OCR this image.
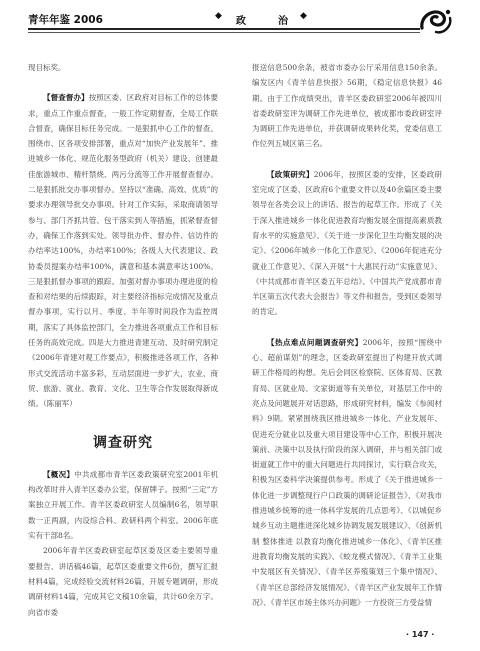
青年年鉴 2006	◆ 政	治 ◆

现目标奖。

【督查督办】按照区委、区政府对目标工作的总体要求，重点工作重点督查，一般工作定期督查，全局工作联合督查，确保目标任务完成。一是狠抓中心工作的督查。围绕市、区各项安排部署，重点对“加快产业发展年”、推进城乡一体化、规范化服务型政府（机关）建设、创建最佳旅游城市、精杆禁烧、两污分流等工作开展督查督办。二是狠抓批交办事项督办。坚持以“准确、高效、优质”的要求办理领导批交办事项。针对工作实际，采取商请领导参与、部门齐抓共管、包干落实到人等措施，抓紧督查督办，确保工作落到实处。领导批办件、督办件、信访件的办结率达100%，办结率100%；各级人大代表建议、政协委员提案办结率100%，满意和基本满意率达100%。三是狠抓督办事项的跟踪。加强对督办事项办理进度的检查和对结果的后续跟踪，对主要经济指标完成情况及重点督办事项，实行以月、季度、半年等时间段作为监控周期，落实了具体监控部门，全力推进各项重点工作和目标任务的高效完成。四是大力推进青建互动、及时研究制定《2006年青建对观工作要点》，积极推进各项工作，各种形式交流活动丰富多彩，互动层面进一步扩大，农业、商贸、旅游、就业、教育、文化、卫生等合作发展取得新成绩。（陈丽军）

调查研究

【概况】中共成都市青羊区委政策研究室2001年机构改革时并入青羊区委办公室，保留牌子。按照“三定”方案独立开展工作。青羊区委政研室人员编制6名，领导职数一正两副，内设综合科、政研科两个科室。2006年底实有干部8名。

2006年青羊区委政研室起草区委及区委主要领导重要报告、讲话稿46篇，起草区委重要文件6份，撰写汇报材料4篇，完成经验交流材料26篇，开展专题调研，形成调研材料14篇，完成其它文稿10余篇，共计60余万字。向省市委

报送信息500余条，被省市委办公厅采用信息150余条。编发区内《青羊信息快报》56期，《稳定信息快报》46期。由于工作成绩突出，青羊区委政研室2006年被四川省委政研室评为调研工作先进单位，被成都市委政研室评为调研工作先进单位，并获调研成果转化奖，党委信息工作位列五城区第三名。

【政策研究】2006年，按照区委的安排，区委政研室完成了区委、区政府6个重要文件以及40余篇区委主要领导在各类会议上的讲话、报告的起草工作。形成了《关于深入推进城乡一体化促进教育均衡发展全面提高素质教育水平的实施意见》、《关于进一步深化卫生均衡发展的决定》、《2006年城乡一体化工作意见》、《2006年促进充分就业工作意见》、《深入开展“十大惠民行动”实施意见》、《中共成都市青羊区委五年总结》、《中国共产党成都市青羊区第五次代表大会报告》等文件和报告，受到区委领导的肯定。

【热点难点问题调查研究】2006年，按照“围绕中心、超前谋划”的理念，区委政研室提出了构建开放式调研工作格局的构想。先后会同区检察院、区体育局、区教育局、区就业局、文家街道等有关单位，对基层工作中的亮点及问题展开对话思路，形成研究材料，编发《参阅材料》9期。紧紧围绕我区推进城乡一体化、产业发展年、促进充分就业以及重大项目建设等中心工作，积极开展决策前、决策中以及执行阶段的深入调研，并与相关部门或街道就工作中的重大问题进行共同探讨，实行联合攻关，积极为区委科学决策提供参考。形成了《关于推进城乡一体化进一步调整现行户口政策的调研论证报告》、《对我市推进城乡统筹的进一体科学发展的几点思考》、《以城促乡城乡互动主题推进深化城乡协调发展发展建议》、《创新机制 整体推进 以教育均衡化推进城乡一体化》、《青羊区推进教育均衡发展的实践》、《蛟龙模式情况》、《青羊工业集中发展区有关情况》、《青羊区养殖策划三个集中情况》、《青羊区总部经济发展情况》、《青羊区产业发展年工作情况》、《青羊区市场主体兴办问题》一方投资三方受益情

· 147 ·
